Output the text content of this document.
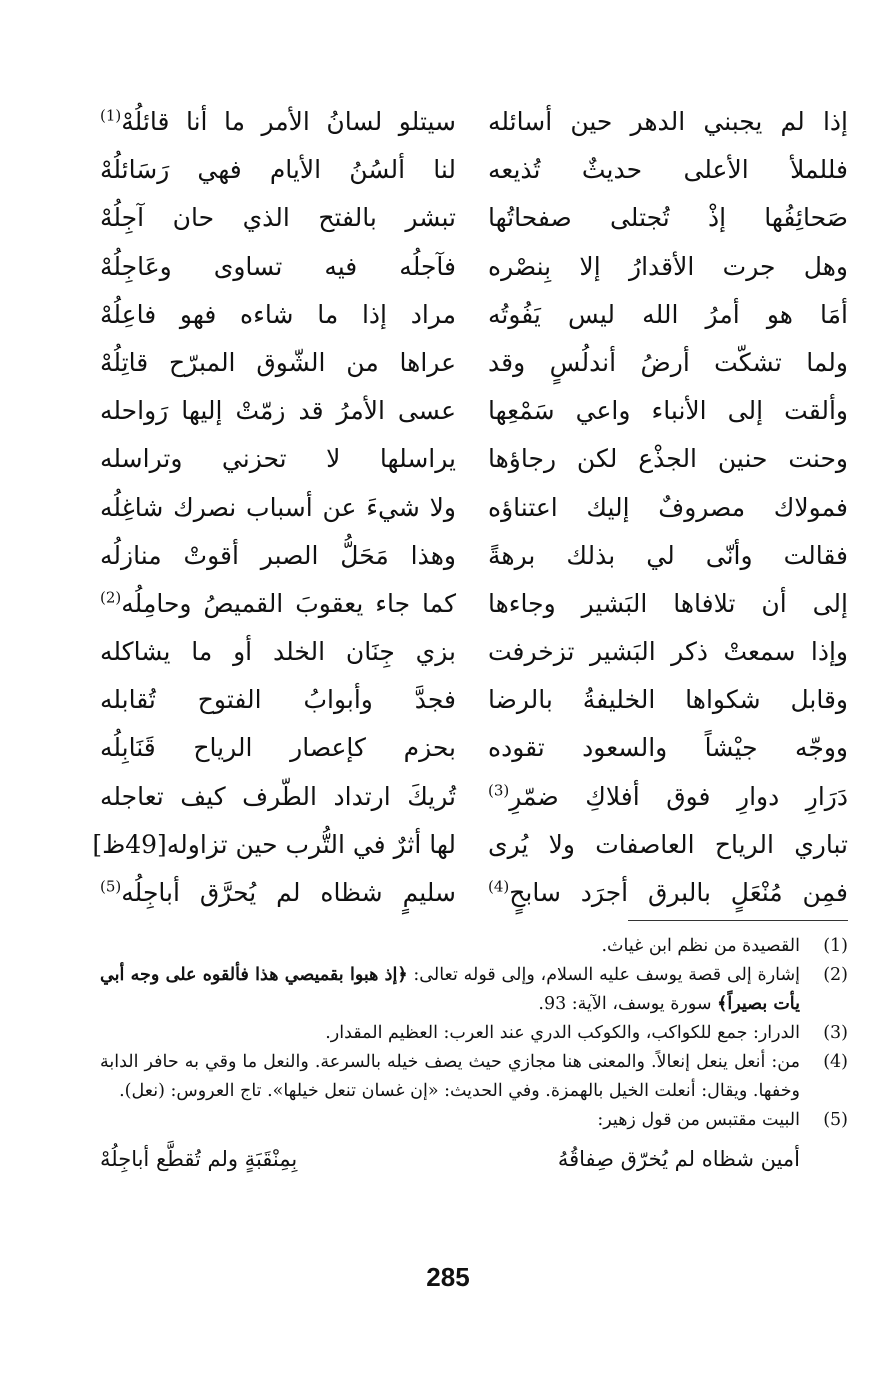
إذا لم يجبني الدهر حين أسائله
سيتلو لسانُ الأمر ما أنا قائلُهْ$^{(1)}$
فللملأ الأعلى حديثٌ تُذيعه
لنا ألسُنُ الأيام فهي رَسَائلُهْ
صَحائِفُها إذْ تُجتلى صفحاتُها
تبشر بالفتح الذي حان آجِلُهْ
وهل جرت الأقدارُ إلا بِنصْره
فآجلُه فيه تساوى وعَاجِلُهْ
أمَا هو أمرُ الله ليس يَفُوتُه
مراد إذا ما شاءه فهو فاعِلُهْ
ولما تشكّت أرضُ أندلُسٍ وقد
عراها من الشّوق المبرّح قاتِلُهْ
وألقت إلى الأنباء واعي سَمْعِها
عسى الأمرُ قد زمّتْ إليها رَواحله
وحنت حنين الجذْع لكن رجاؤها
يراسلها لا تحزني وتراسله
فمولاك مصروفٌ إليك اعتناؤه
ولا شيءَ عن أسباب نصرك شاغِلُه
فقالت وأنّى لي بذلك برهةً
وهذا مَحَلُّ الصبر أقوتْ منازلُه
إلى أن تلافاها البَشير وجاءها
كما جاء يعقوبَ القميصُ وحامِلُه$^{(2)}$
وإذا سمعتْ ذكر البَشير تزخرفت
بزي جِنَان الخلد أو ما يشاكله
وقابل شكواها الخليفةُ بالرضا
فجدَّ وأبوابُ الفتوح تُقابله
ووجّه جيْشاً والسعود تقوده
بحزم كإعصار الرياح قَنَابِلُه
دَرَارِ دوارِ فوق أفلاكِ ضمّرِ$^{(3)}$
تُريكَ ارتداد الطّرف كيف تعاجله
تباري الرياح العاصفات ولا يُرى
لها أثرٌ في التُّرب حين تزاوله[49ظ]
فمِن مُنْعَلٍ بالبرق أجرَد سابحٍ$^{(4)}$
سليمٍ شظاه لم يُحرَّق أباجِلُه$^{(5)}$
(1)
القصيدة من نظم ابن غياث.
(2)
إشارة إلى قصة يوسف عليه السلام، وإلى قوله تعالى: ﴿إذ هبوا بقميصي هذا فألقوه على وجه أبي يأت بصيراً﴾ سورة يوسف، الآية: 93.
(3)
الدرار: جمع للكواكب، والكوكب الدري عند العرب: العظيم المقدار.
(4)
من: أنعل ينعل إنعالاً. والمعنى هنا مجازي حيث يصف خيله بالسرعة. والنعل ما وقي به حافر الدابة وخفها. ويقال: أنعلت الخيل بالهمزة. وفي الحديث: «إن غسان تنعل خيلها». تاج العروس: (نعل).
(5)
البيت مقتبس من قول زهير:
أمين شظاه لم يُخرّق صِفاقُهُ
بِمِنْقَبَةٍ ولم تُقطَّع أباجِلُهْ
285
